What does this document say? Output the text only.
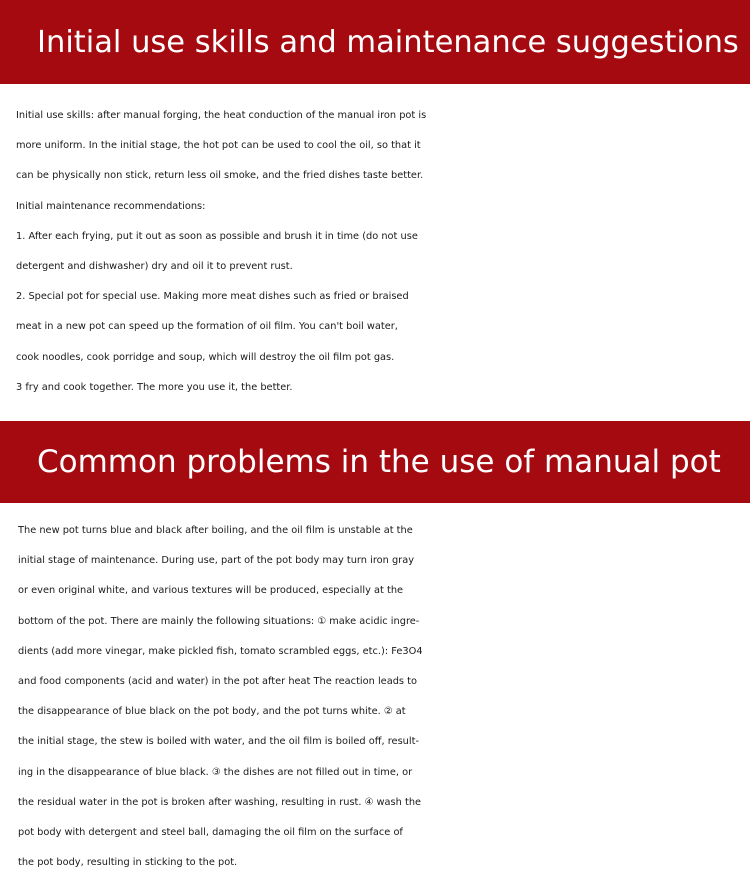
Initial use skills and maintenance suggestions
Initial use skills: after manual forging, the heat conduction of the manual iron pot is
more uniform. In the initial stage, the hot pot can be used to cool the oil, so that it
can be physically non stick, return less oil smoke, and the fried dishes taste better.
Initial maintenance recommendations:
1. After each frying, put it out as soon as possible and brush it in time (do not use
detergent and dishwasher) dry and oil it to prevent rust.
2. Special pot for special use. Making more meat dishes such as fried or braised
meat in a new pot can speed up the formation of oil film. You can't boil water,
cook noodles, cook porridge and soup, which will destroy the oil film pot gas.
3 fry and cook together. The more you use it, the better.
Common problems in the use of manual pot
The new pot turns blue and black after boiling, and the oil film is unstable at the
initial stage of maintenance. During use, part of the pot body may turn iron gray
or even original white, and various textures will be produced, especially at the
bottom of the pot. There are mainly the following situations: ① make acidic ingre-
dients (add more vinegar, make pickled fish, tomato scrambled eggs, etc.): Fe3O4
and food components (acid and water) in the pot after heat The reaction leads to
the disappearance of blue black on the pot body, and the pot turns white. ② at
the initial stage, the stew is boiled with water, and the oil film is boiled off, result-
ing in the disappearance of blue black. ③ the dishes are not filled out in time, or
the residual water in the pot is broken after washing, resulting in rust. ④ wash the
pot body with detergent and steel ball, damaging the oil film on the surface of
the pot body, resulting in sticking to the pot.
